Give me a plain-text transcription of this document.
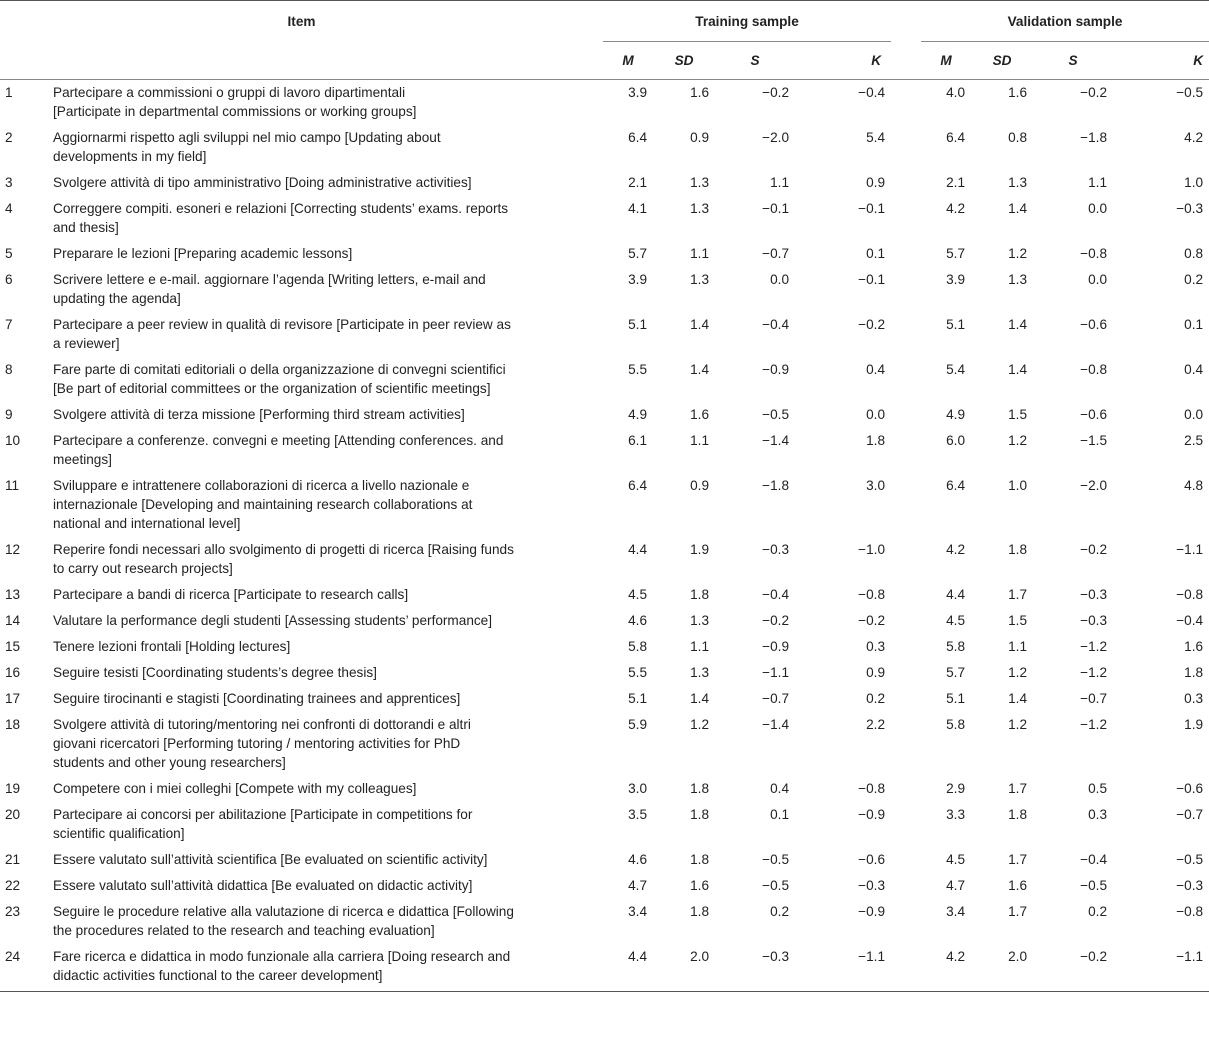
Item		Training sample					Validation sample			
		M	SD	S	K		M	SD	S	K
1	Partecipare a commissioni o gruppi di lavoro dipartimentali
[Participate in departmental commissions or working groups]	3.9	1.6	−0.2	−0.4		4.0	1.6	−0.2	−0.5
2	Aggiornarmi rispetto agli sviluppi nel mio campo [Updating about
developments in my field]	6.4	0.9	−2.0	5.4		6.4	0.8	−1.8	4.2
3	Svolgere attività di tipo amministrativo [Doing administrative activities]	2.1	1.3	1.1	0.9		2.1	1.3	1.1	1.0
4	Correggere compiti. esoneri e relazioni [Correcting students’ exams. reports
and thesis]	4.1	1.3	−0.1	−0.1		4.2	1.4	0.0	−0.3
5	Preparare le lezioni [Preparing academic lessons]	5.7	1.1	−0.7	0.1		5.7	1.2	−0.8	0.8
6	Scrivere lettere e e-mail. aggiornare l’agenda [Writing letters, e-mail and
updating the agenda]	3.9	1.3	0.0	−0.1		3.9	1.3	0.0	0.2
7	Partecipare a peer review in qualità di revisore [Participate in peer review as
a reviewer]	5.1	1.4	−0.4	−0.2		5.1	1.4	−0.6	0.1
8	Fare parte di comitati editoriali o della organizzazione di convegni scientifici
[Be part of editorial committees or the organization of scientific meetings]	5.5	1.4	−0.9	0.4		5.4	1.4	−0.8	0.4
9	Svolgere attività di terza missione [Performing third stream activities]	4.9	1.6	−0.5	0.0		4.9	1.5	−0.6	0.0
10	Partecipare a conferenze. convegni e meeting [Attending conferences. and
meetings]	6.1	1.1	−1.4	1.8		6.0	1.2	−1.5	2.5
11	Sviluppare e intrattenere collaborazioni di ricerca a livello nazionale e
internazionale [Developing and maintaining research collaborations at
national and international level]	6.4	0.9	−1.8	3.0		6.4	1.0	−2.0	4.8
12	Reperire fondi necessari allo svolgimento di progetti di ricerca [Raising funds
to carry out research projects]	4.4	1.9	−0.3	−1.0		4.2	1.8	−0.2	−1.1
13	Partecipare a bandi di ricerca [Participate to research calls]	4.5	1.8	−0.4	−0.8		4.4	1.7	−0.3	−0.8
14	Valutare la performance degli studenti [Assessing students’ performance]	4.6	1.3	−0.2	−0.2		4.5	1.5	−0.3	−0.4
15	Tenere lezioni frontali [Holding lectures]	5.8	1.1	−0.9	0.3		5.8	1.1	−1.2	1.6
16	Seguire tesisti [Coordinating students’s degree thesis]	5.5	1.3	−1.1	0.9		5.7	1.2	−1.2	1.8
17	Seguire tirocinanti e stagisti [Coordinating trainees and apprentices]	5.1	1.4	−0.7	0.2		5.1	1.4	−0.7	0.3
18	Svolgere attività di tutoring/mentoring nei confronti di dottorandi e altri
giovani ricercatori [Performing tutoring / mentoring activities for PhD
students and other young researchers]	5.9	1.2	−1.4	2.2		5.8	1.2	−1.2	1.9
19	Competere con i miei colleghi [Compete with my colleagues]	3.0	1.8	0.4	−0.8		2.9	1.7	0.5	−0.6
20	Partecipare ai concorsi per abilitazione [Participate in competitions for
scientific qualification]	3.5	1.8	0.1	−0.9		3.3	1.8	0.3	−0.7
21	Essere valutato sull’attività scientifica [Be evaluated on scientific activity]	4.6	1.8	−0.5	−0.6		4.5	1.7	−0.4	−0.5
22	Essere valutato sull’attività didattica [Be evaluated on didactic activity]	4.7	1.6	−0.5	−0.3		4.7	1.6	−0.5	−0.3
23	Seguire le procedure relative alla valutazione di ricerca e didattica [Following
the procedures related to the research and teaching evaluation]	3.4	1.8	0.2	−0.9		3.4	1.7	0.2	−0.8
24	Fare ricerca e didattica in modo funzionale alla carriera [Doing research and
didactic activities functional to the career development]	4.4	2.0	−0.3	−1.1		4.2	2.0	−0.2	−1.1
